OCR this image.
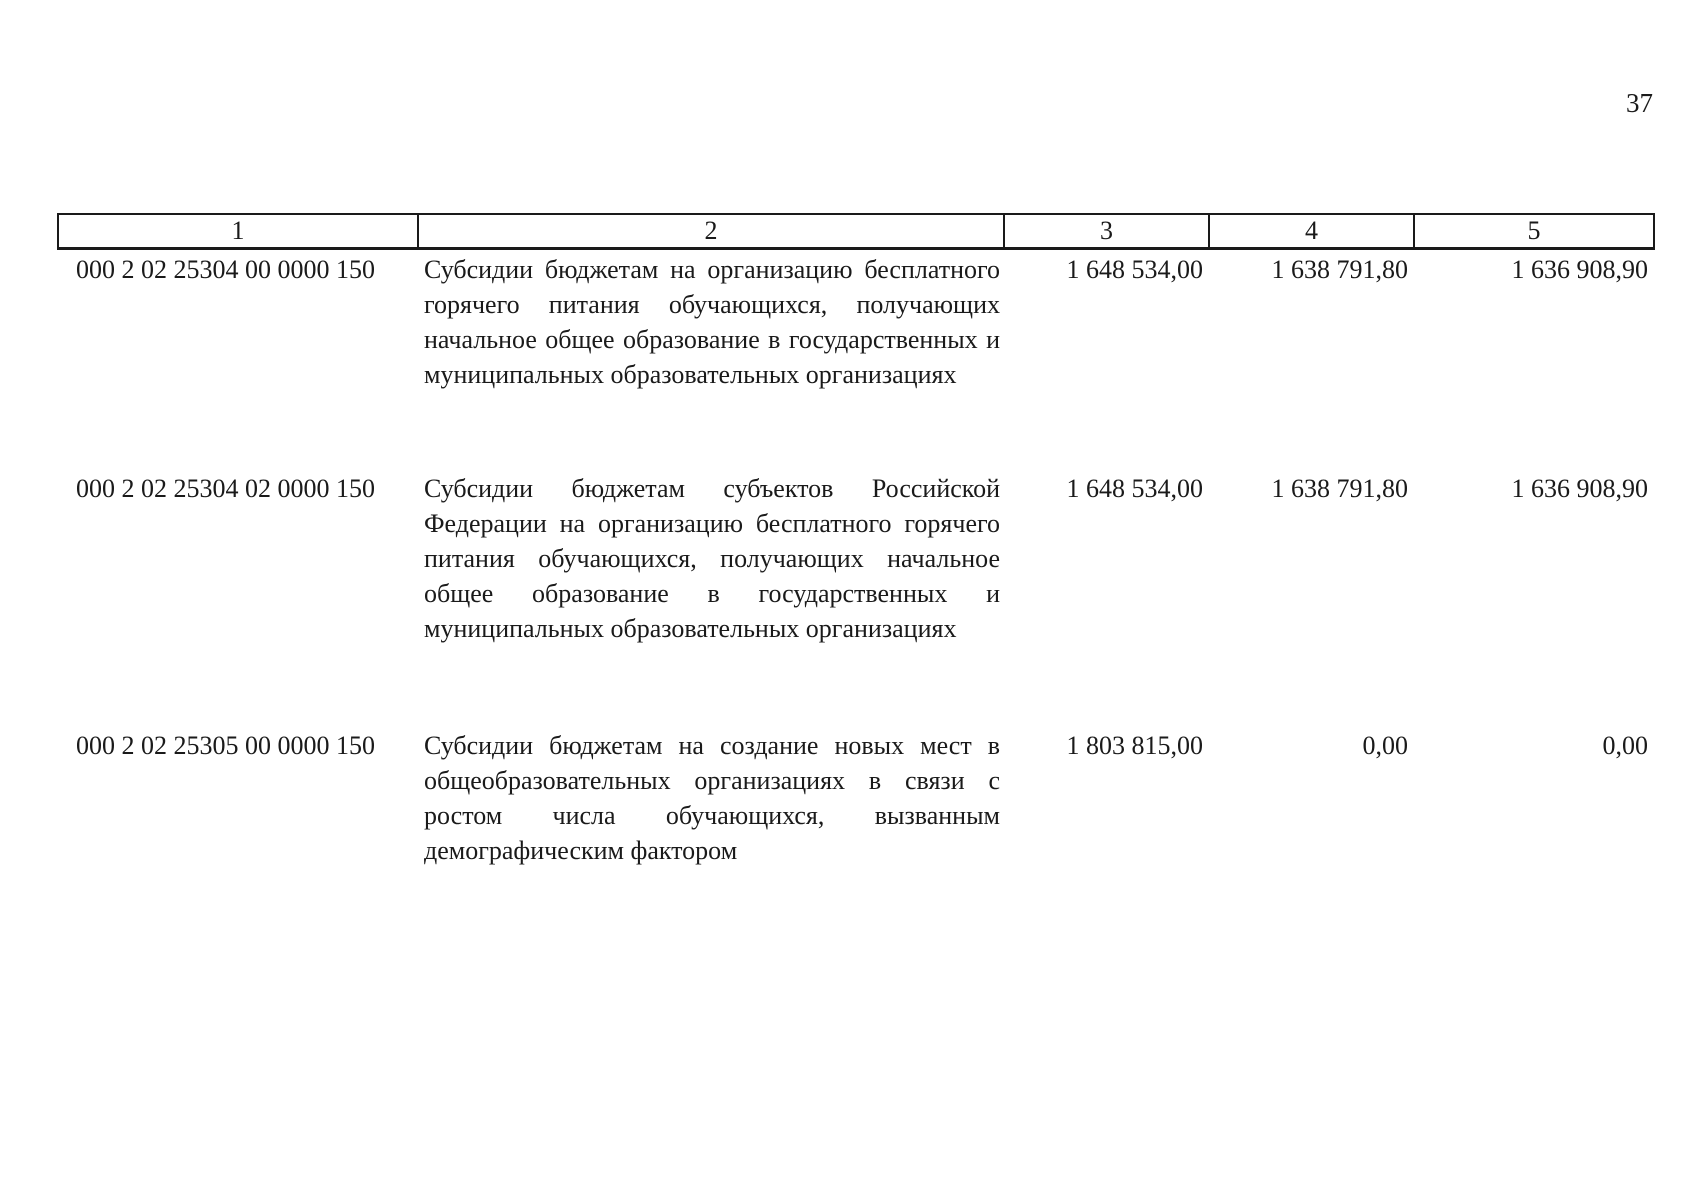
37
1	2	3	4	5
000 2 02 25304 00 0000 150	Субсидии бюджетам на организацию бесплатного горячего питания обучающихся, получающих начальное общее образование в государственных и муниципальных образовательных организациях	1 648 534,00	1 638 791,80	1 636 908,90
000 2 02 25304 02 0000 150	Субсидии бюджетам субъектов Российской Федерации на организацию бесплатного горячего питания обучающихся, получающих начальное общее образование в государственных и муниципальных образовательных организациях	1 648 534,00	1 638 791,80	1 636 908,90
000 2 02 25305 00 0000 150	Субсидии бюджетам на создание новых мест в общеобразовательных организациях в связи с ростом числа обучающихся, вызванным демографическим фактором	1 803 815,00	0,00	0,00
